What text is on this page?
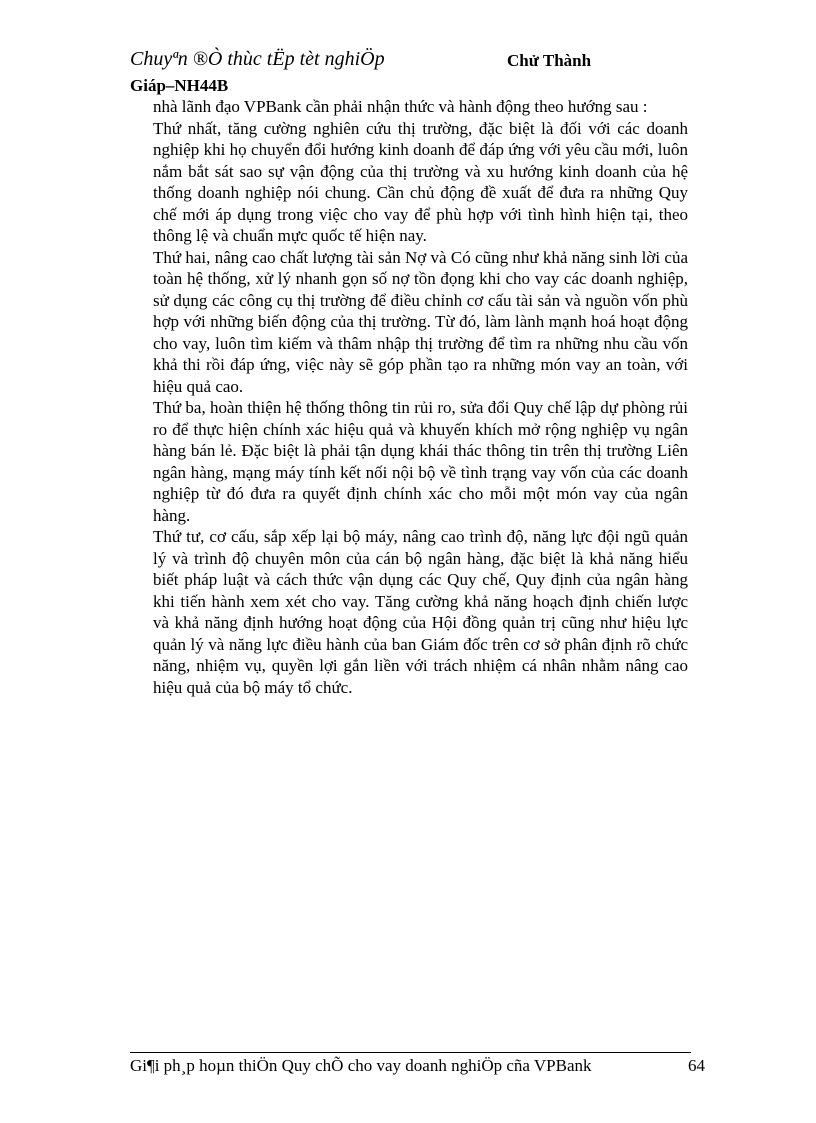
Chuyªn ®Ò thùc tËp tèt nghiÖp	Chử Thành
Giáp–NH44B

nhà lãnh đạo VPBank cần phải nhận thức và hành động theo hướng sau :

Thứ nhất, tăng cường nghiên cứu thị trường, đặc biệt là đối với các doanh nghiệp khi họ chuyển đổi hướng kinh doanh để đáp ứng với yêu cầu mới, luôn nắm bắt sát sao sự vận động của thị trường và xu hướng kinh doanh của hệ thống doanh nghiệp nói chung. Cần chủ động đề xuất để đưa ra những Quy chế mới áp dụng trong việc cho vay để phù hợp với tình hình hiện tại, theo thông lệ và chuẩn mực quốc tế hiện nay.

Thứ hai, nâng cao chất lượng tài sản Nợ và Có cũng như khả năng sinh lời của toàn hệ thống, xử lý nhanh gọn số nợ tồn đọng khi cho vay các doanh nghiệp, sử dụng các công cụ thị trường để điều chỉnh cơ cấu tài sản và nguồn vốn phù hợp với những biến động của thị trường. Từ đó, làm lành mạnh hoá hoạt động cho vay, luôn tìm kiếm và thâm nhập thị trường để tìm ra những nhu cầu vốn khả thi rồi đáp ứng, việc này sẽ góp phần tạo ra những món vay an toàn, với hiệu quả cao.

Thứ ba, hoàn thiện hệ thống thông tin rủi ro, sửa đổi Quy chế lập dự phòng rủi ro để thực hiện chính xác hiệu quả và khuyến khích mở rộng nghiệp vụ ngân hàng bán lẻ. Đặc biệt là phải tận dụng khái thác thông tin trên thị trường Liên ngân hàng, mạng máy tính kết nối nội bộ về tình trạng vay vốn của các doanh nghiệp từ đó đưa ra quyết định chính xác cho mỗi một món vay của ngân hàng.

Thứ tư, cơ cấu, sắp xếp lại bộ máy, nâng cao trình độ, năng lực đội ngũ quản lý và trình độ chuyên môn của cán bộ ngân hàng, đặc biệt là khả năng hiểu biết pháp luật và cách thức vận dụng các Quy chế, Quy định của ngân hàng khi tiến hành xem xét cho vay. Tăng cường khả năng hoạch định chiến lược và khả năng định hướng hoạt động của Hội đồng quản trị cũng như hiệu lực quản lý và năng lực điều hành của ban Giám đốc trên cơ sở phân định rõ chức năng, nhiệm vụ, quyền lợi gắn liền với trách nhiệm cá nhân nhằm nâng cao hiệu quả của bộ máy tổ chức.

Gi¶i ph¸p hoµn thiÖn Quy chÕ cho vay doanh nghiÖp cña VPBank	64
